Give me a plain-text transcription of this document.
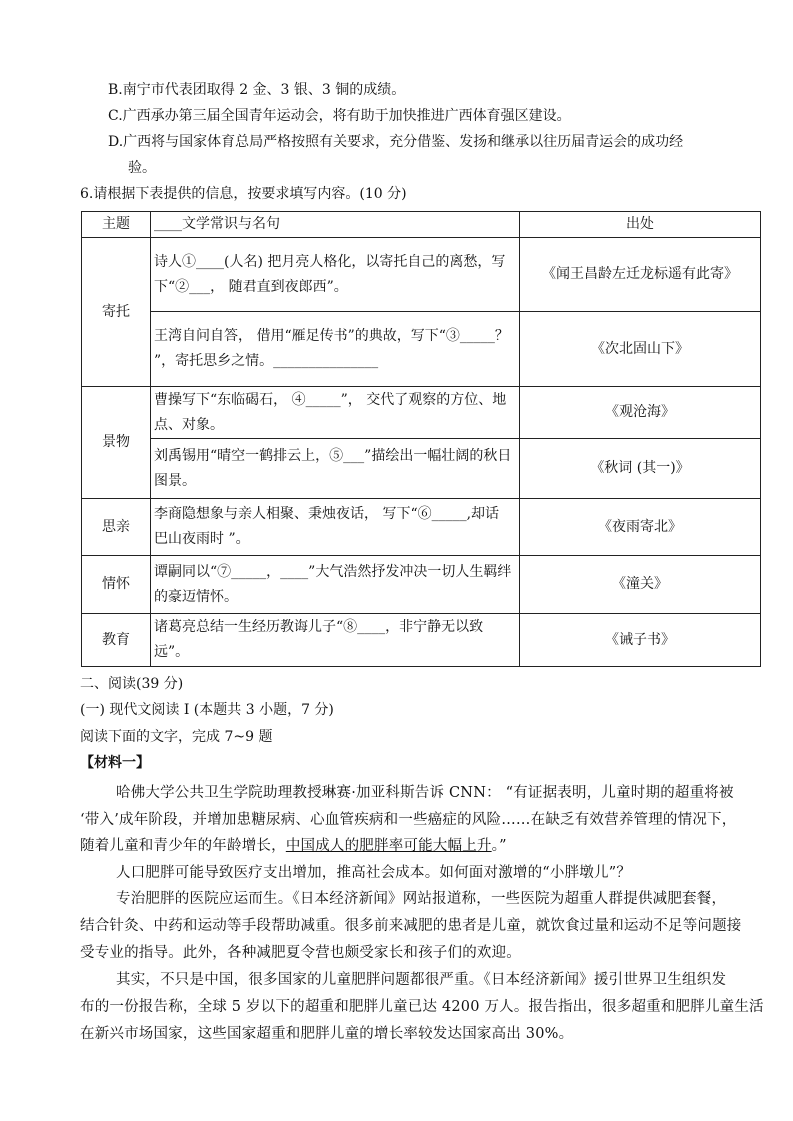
B.南宁市代表团取得 2 金、3 银、3 铜的成绩。
C.广西承办第三届全国青年运动会，将有助于加快推进广西体育强区建设。
D.广西将与国家体育总局严格按照有关要求，充分借鉴、发扬和继承以往历届青运会的成功经
验。
6.请根据下表提供的信息，按要求填写内容。(10 分)
主题	____文学常识与名句	出处
寄托	诗人①____(人名) 把月亮人格化，以寄托自己的离愁，写下“②___， 随君直到夜郎西”。	《闻王昌龄左迁龙标遥有此寄》
	王湾自问自答， 借用“雁足传书”的典故，写下“③_____？ ”，寄托思乡之情。_______________	《次北固山下》
景物	曹操写下“东临碣石， ④_____”， 交代了观察的方位、地点、对象。	《观沧海》
	刘禹锡用“晴空一鹤排云上，⑤___”描绘出一幅壮阔的秋日图景。	《秋词 (其一)》
思亲	李商隐想象与亲人相聚、秉烛夜话， 写下“⑥_____,却话 巴山夜雨时 ”。	《夜雨寄北》
情怀	谭嗣同以“⑦_____，____”大气浩然抒发冲决一切人生羁绊的豪迈情怀。	《潼关》
教育	诸葛亮总结一生经历教诲儿子“⑧____，非宁静无以致远”。	《诫子书》
二、阅读(39 分)
(一) 现代文阅读 I (本题共 3 小题，7 分)
阅读下面的文字，完成 7~9 题
【材料一】
哈佛大学公共卫生学院助理教授琳赛·加亚科斯告诉 CNN： “有证据表明，儿童时期的超重将被
‘带入’成年阶段，并增加患糖尿病、心血管疾病和一些癌症的风险……在缺乏有效营养管理的情况下，
随着儿童和青少年的年龄增长，中国成人的肥胖率可能大幅上升。”
人口肥胖可能导致医疗支出增加，推高社会成本。如何面对激增的“小胖墩儿”？
专治肥胖的医院应运而生。《日本经济新闻》网站报道称，一些医院为超重人群提供减肥套餐，
结合针灸、中药和运动等手段帮助减重。很多前来减肥的患者是儿童，就饮食过量和运动不足等问题接
受专业的指导。此外，各种减肥夏令营也颇受家长和孩子们的欢迎。
其实，不只是中国，很多国家的儿童肥胖问题都很严重。《日本经济新闻》援引世界卫生组织发
布的一份报告称，全球 5 岁以下的超重和肥胖儿童已达 4200 万人。报告指出，很多超重和肥胖儿童生活
在新兴市场国家，这些国家超重和肥胖儿童的增长率较发达国家高出 30%。
